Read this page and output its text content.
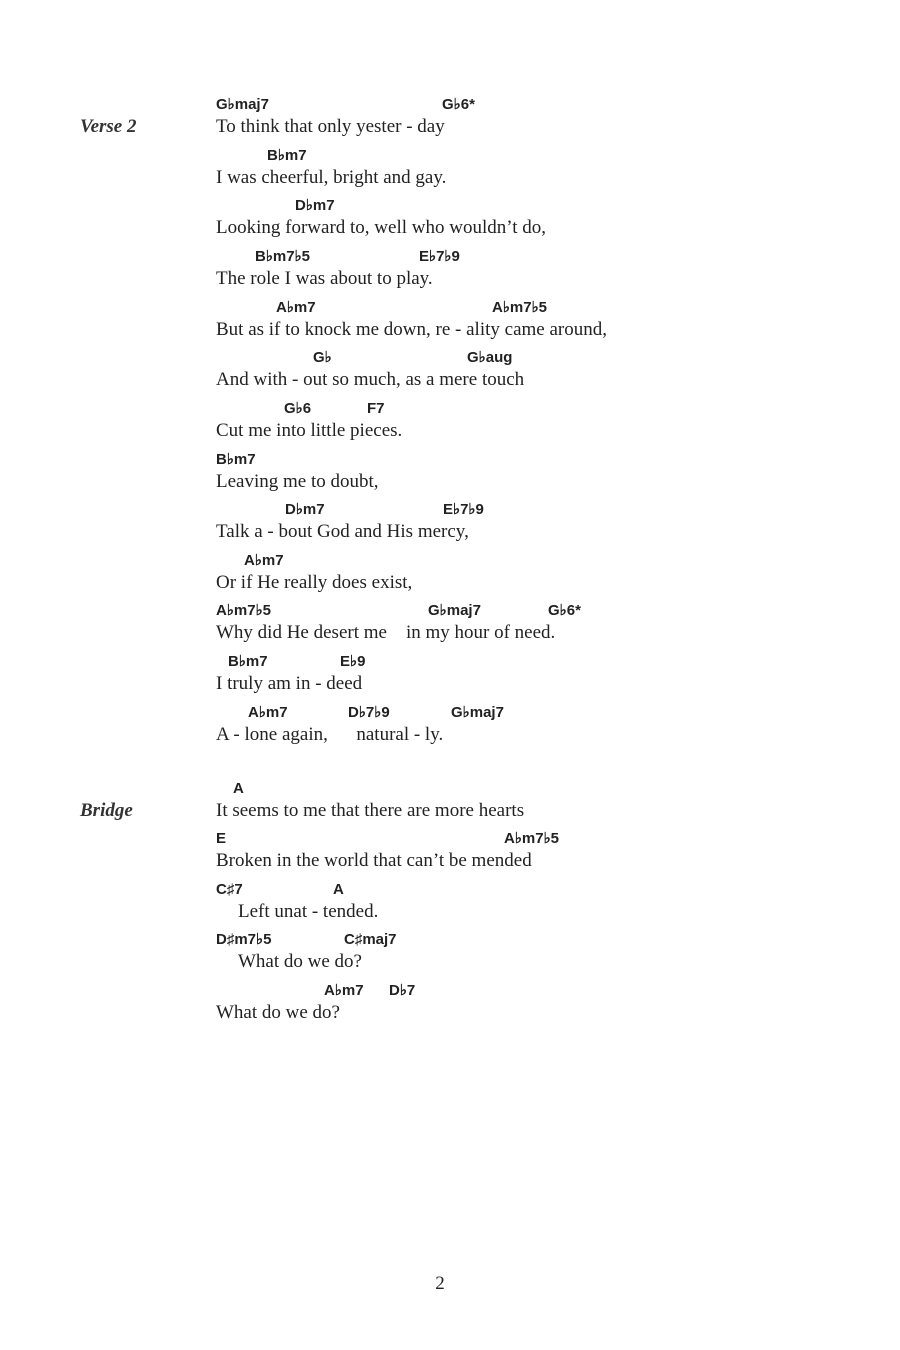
Verse 2
Bridge
G♭maj7	G♭6*
To think that only yester - day
B♭m7
I was cheerful, bright and gay.
D♭m7
Looking forward to, well who wouldn’t do,
B♭m7♭5	E♭7♭9
The role I was about to play.
A♭m7	A♭m7♭5
But as if to knock me down, re - ality came around,
G♭	G♭aug
And with - out so much, as a mere touch
G♭6	F7
Cut me into little pieces.
B♭m7
Leaving me to doubt,
D♭m7	E♭7♭9
Talk a - bout God and His mercy,
A♭m7
Or if He really does exist,
A♭m7♭5	G♭maj7	G♭6*
Why did He desert me    in my hour of need.
B♭m7	E♭9
I truly am in - deed
A♭m7	D♭7♭9	G♭maj7
A - lone again,      natural - ly.
A
It seems to me that there are more hearts
E	A♭m7♭5
Broken in the world that can’t be mended
C♯7	A
Left unat - tended.
D♯m7♭5	C♯maj7
What do we do?
A♭m7 D♭7
What do we do?
2
